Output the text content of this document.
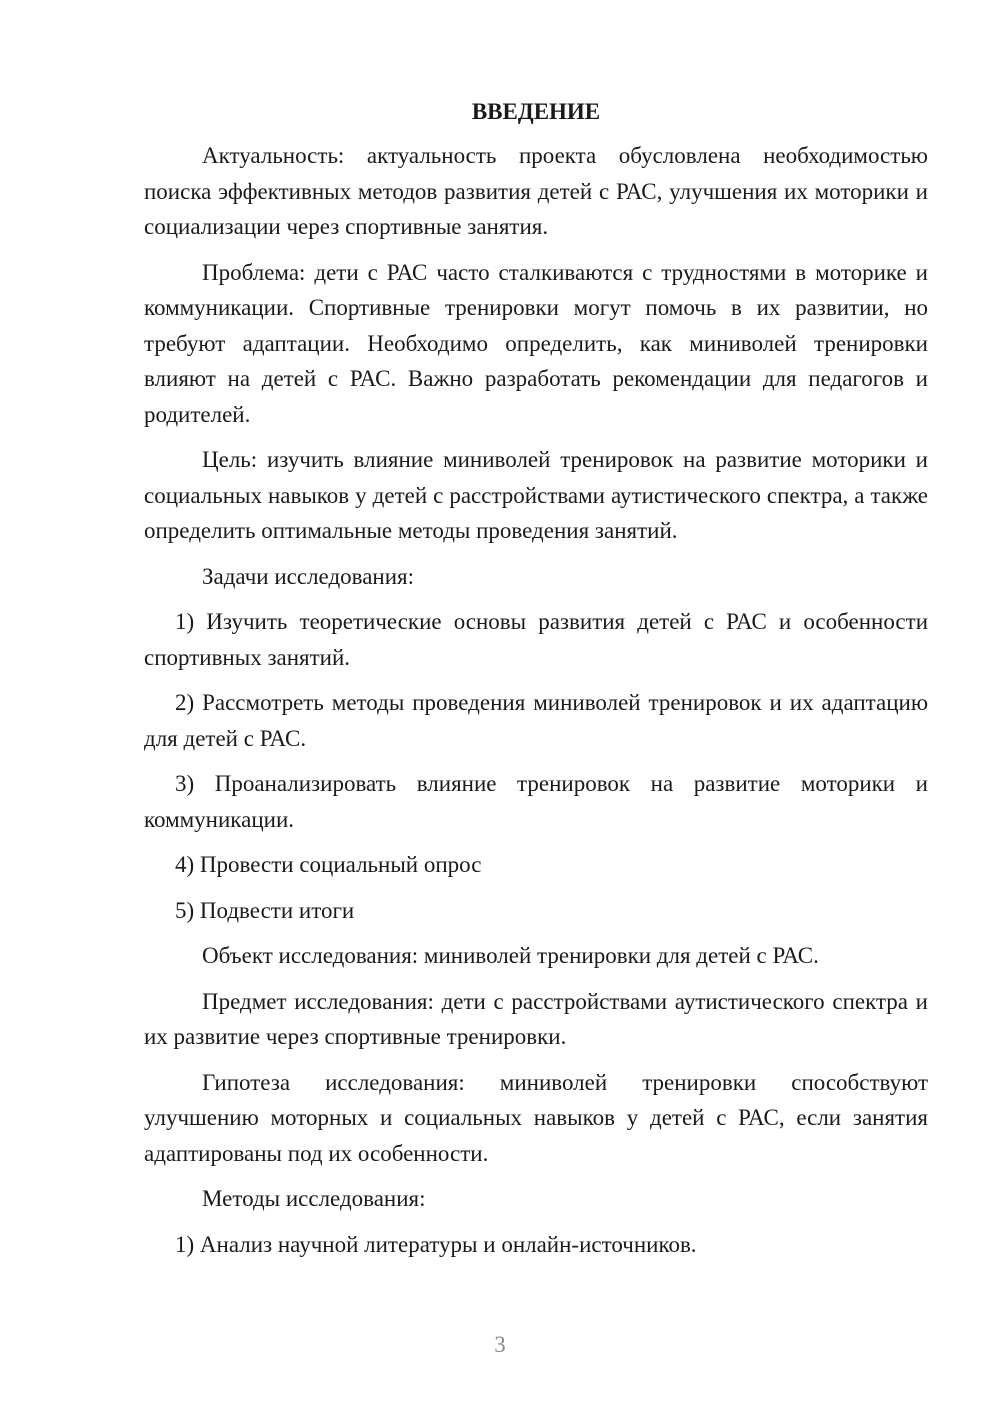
ВВЕДЕНИЕ

Актуальность: актуальность проекта обусловлена необходимостью поиска эффективных методов развития детей с РАС, улучшения их моторики и социализации через спортивные занятия.

Проблема: дети с РАС часто сталкиваются с трудностями в моторике и коммуникации. Спортивные тренировки могут помочь в их развитии, но требуют адаптации. Необходимо определить, как миниволей тренировки влияют на детей с РАС. Важно разработать рекомендации для педагогов и родителей.

Цель: изучить влияние миниволей тренировок на развитие моторики и социальных навыков у детей с расстройствами аутистического спектра, а также определить оптимальные методы проведения занятий.

Задачи исследования:

1) Изучить теоретические основы развития детей с РАС и особенности спортивных занятий.

2) Рассмотреть методы проведения миниволей тренировок и их адаптацию для детей с РАС.

3) Проанализировать влияние тренировок на развитие моторики и коммуникации.

4) Провести социальный опрос

5) Подвести итоги

Объект исследования: миниволей тренировки для детей с РАС.

Предмет исследования: дети с расстройствами аутистического спектра и их развитие через спортивные тренировки.

Гипотеза исследования: миниволей тренировки способствуют улучшению моторных и социальных навыков у детей с РАС, если занятия адаптированы под их особенности.

Методы исследования:

1) Анализ научной литературы и онлайн-источников.

3
